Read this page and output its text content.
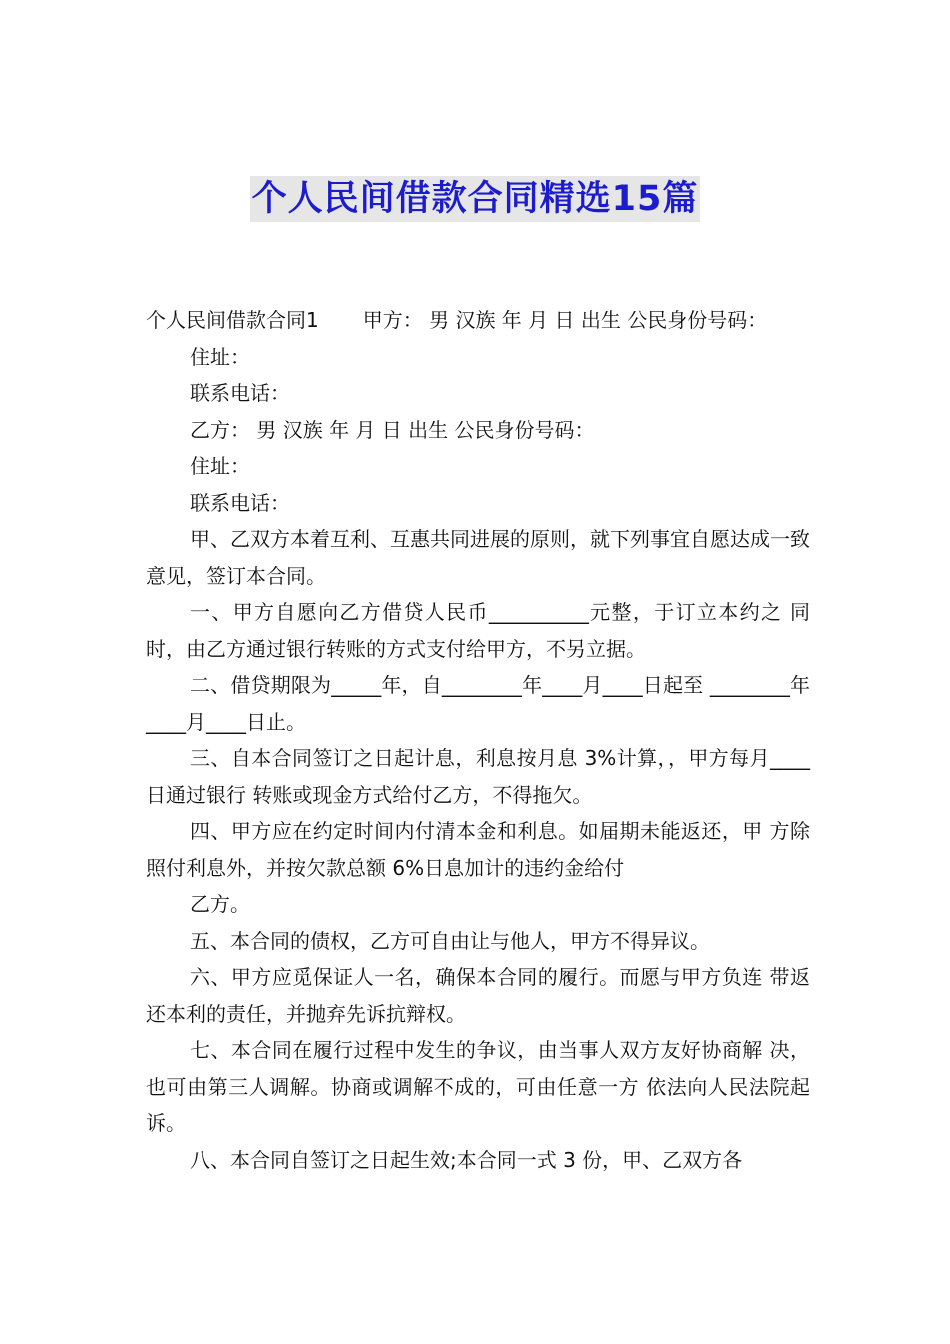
个人民间借款合同精选15篇
个人民间借款合同1 甲方： 男 汉族 年 月 日 出生 公民身份号码：
住址：
联系电话：
乙方： 男 汉族 年 月 日 出生 公民身份号码：
住址：
联系电话：
甲、乙双方本着互利、互惠共同进展的原则，就下列事宜自愿达成一致意见，签订本合同。
一、甲方自愿向乙方借贷人民币__________元整，于订立本约之 同时，由乙方通过银行转账的方式支付给甲方，不另立据。
二、借贷期限为_____年，自________年____月____日起至 ________年____月____日止。
三、自本合同签订之日起计息，利息按月息 3%计算，，甲方每月____日通过银行 转账或现金方式给付乙方，不得拖欠。
四、甲方应在约定时间内付清本金和利息。如届期未能返还，甲 方除照付利息外，并按欠款总额 6%日息加计的违约金给付
乙方。
五、本合同的债权，乙方可自由让与他人，甲方不得异议。
六、甲方应觅保证人一名，确保本合同的履行。而愿与甲方负连 带返还本利的责任，并抛弃先诉抗辩权。
七、本合同在履行过程中发生的争议，由当事人双方友好协商解 决，也可由第三人调解。协商或调解不成的，可由任意一方 依法向人民法院起诉。
八、本合同自签订之日起生效;本合同一式 3 份，甲、乙双方各
